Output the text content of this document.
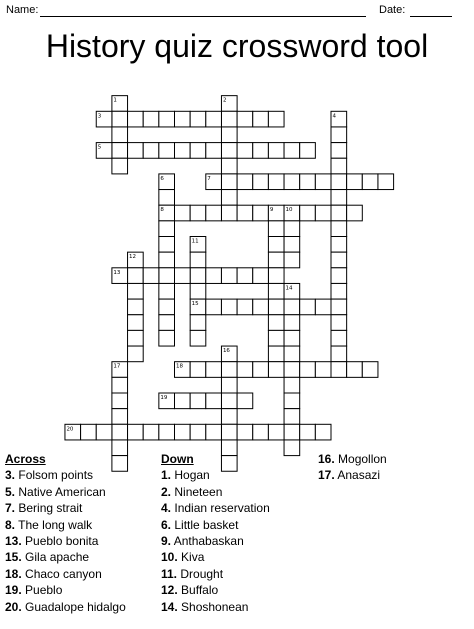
Name:	Date:
History quiz crossword tool
1	2
3	4
5
6	7
8	9 10
11
12
13
14
15
16
17	18
19
20
Across
3. Folsom points
5. Native American
7. Bering strait
8. The long walk
13. Pueblo bonita
15. Gila apache
18. Chaco canyon
19. Pueblo
20. Guadalope hidalgo
Down
1. Hogan
2. Nineteen
4. Indian reservation
6. Little basket
9. Anthabaskan
10. Kiva
11. Drought
12. Buffalo
14. Shoshonean
16. Mogollon
17. Anasazi
